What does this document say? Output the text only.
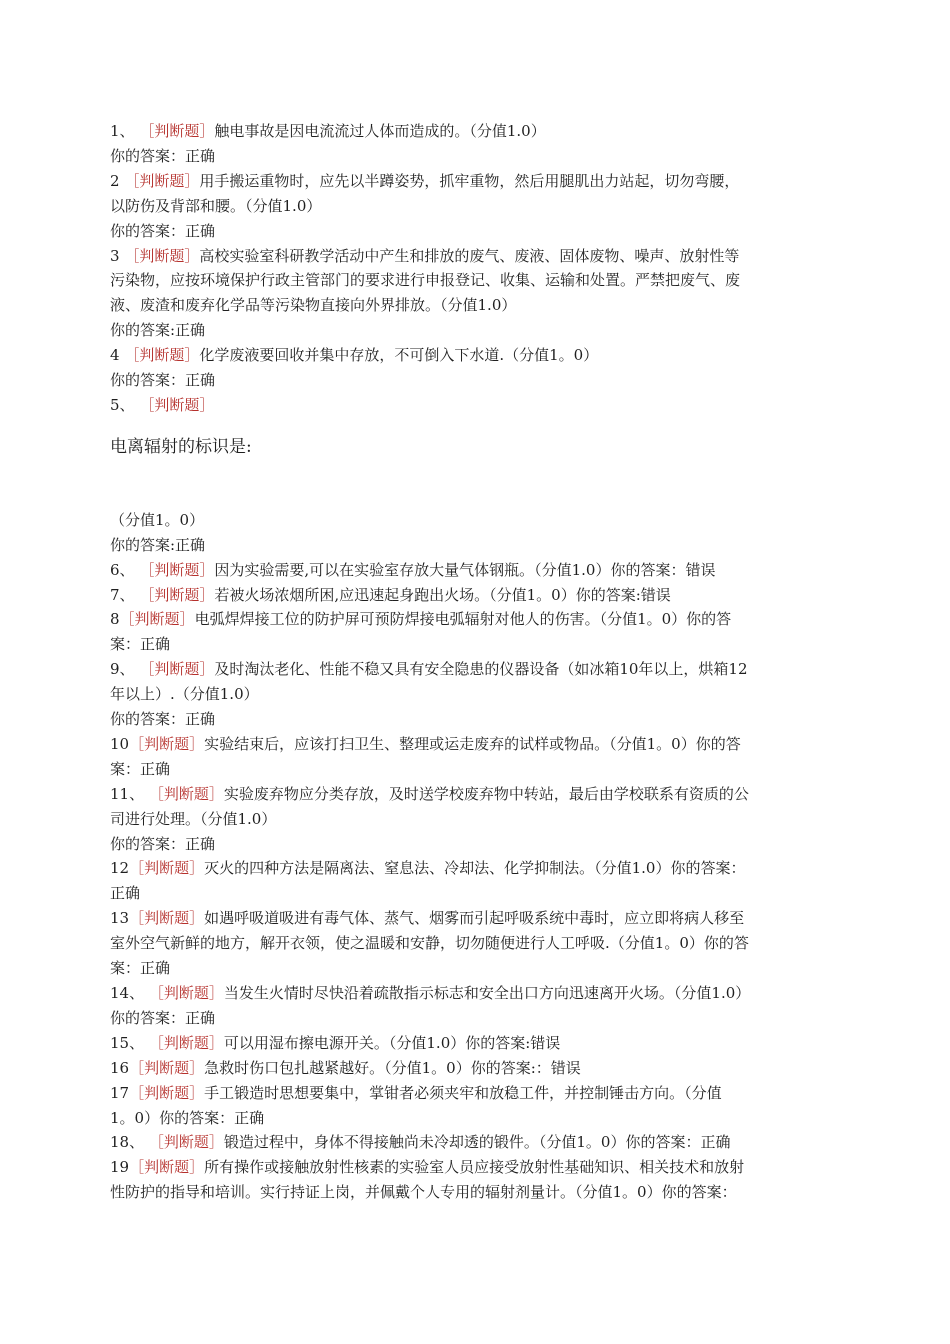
1、 ［判断题］触电事故是因电流流过人体而造成的。（分值1.0）
你的答案：正确
2 ［判断题］用手搬运重物时，应先以半蹲姿势，抓牢重物，然后用腿肌出力站起，切勿弯腰，
以防伤及背部和腰。（分值1.0）
你的答案：正确
3 ［判断题］高校实验室科研教学活动中产生和排放的废气、废液、固体废物、噪声、放射性等
污染物，应按环境保护行政主管部门的要求进行申报登记、收集、运输和处置。严禁把废气、废
液、废渣和废弃化学品等污染物直接向外界排放。（分值1.0）
你的答案:正确
4 ［判断题］化学废液要回收并集中存放，不可倒入下水道.（分值1。0）
你的答案：正确
5、 ［判断题］
电离辐射的标识是:
（分值1。0）
你的答案:正确
6、 ［判断题］因为实验需要,可以在实验室存放大量气体钢瓶。（分值1.0）你的答案：错误
7、 ［判断题］若被火场浓烟所困,应迅速起身跑出火场。（分值1。0）你的答案:错误
8［判断题］电弧焊焊接工位的防护屏可预防焊接电弧辐射对他人的伤害。（分值1。0）你的答
案：正确
9、 ［判断题］及时淘汰老化、性能不稳又具有安全隐患的仪器设备（如冰箱10年以上，烘箱12
年以上）.（分值1.0）
你的答案：正确
10［判断题］实验结束后，应该打扫卫生、整理或运走废弃的试样或物品。（分值1。0）你的答
案：正确
11、 ［判断题］实验废弃物应分类存放，及时送学校废弃物中转站，最后由学校联系有资质的公
司进行处理。（分值1.0）
你的答案：正确
12［判断题］灭火的四种方法是隔离法、窒息法、冷却法、化学抑制法。（分值1.0）你的答案：
正确
13［判断题］如遇呼吸道吸进有毒气体、蒸气、烟雾而引起呼吸系统中毒时，应立即将病人移至
室外空气新鲜的地方，解开衣领，使之温暖和安静，切勿随便进行人工呼吸.（分值1。0）你的答
案：正确
14、 ［判断题］当发生火情时尽快沿着疏散指示标志和安全出口方向迅速离开火场。（分值1.0）
你的答案：正确
15、 ［判断题］可以用湿布擦电源开关。（分值1.0）你的答案:错误
16［判断题］急救时伤口包扎越紧越好。（分值1。0）你的答案:：错误
17［判断题］手工锻造时思想要集中，掌钳者必须夹牢和放稳工件，并控制锤击方向。（分值
1。0）你的答案：正确
18、 ［判断题］锻造过程中，身体不得接触尚未冷却透的锻件。（分值1。0）你的答案：正确
19［判断题］所有操作或接触放射性核素的实验室人员应接受放射性基础知识、相关技术和放射
性防护的指导和培训。实行持证上岗，并佩戴个人专用的辐射剂量计。（分值1。0）你的答案：
